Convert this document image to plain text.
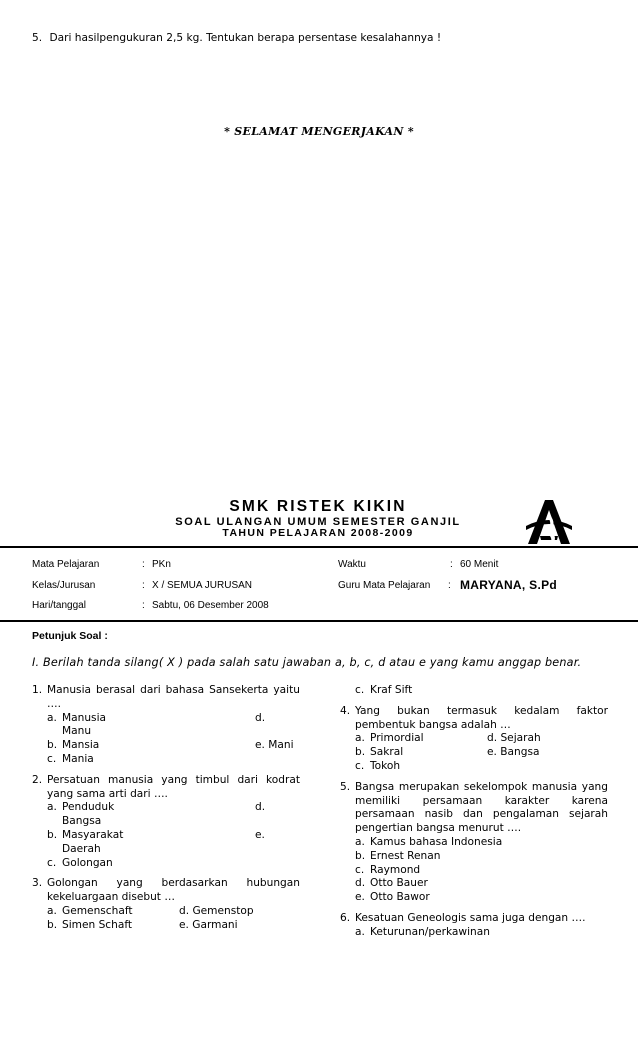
5. Dari hasilpengukuran 2,5 kg. Tentukan berapa persentase kesalahannya !
* SELAMAT MENGERJAKAN *
SMK RISTEK KIKIN
SOAL ULANGAN UMUM SEMESTER GANJIL
TAHUN PELAJARAN 2008-2009
Mata Pelajaran	: PKn	Waktu	: 60 Menit
Kelas/Jurusan	: X / SEMUA JURUSAN	Guru Mata Pelajaran : MARYANA, S.Pd
Hari/tanggal	: Sabtu, 06 Desember 2008
Petunjuk Soal :
I. Berilah tanda silang( X ) pada salah satu jawaban a, b, c, d atau e yang kamu anggap benar.
1. Manusia berasal dari bahasa Sansekerta yaitu ….
a. Manusia	d.
Manu
b. Mansia	e. Mani
c. Mania
2. Persatuan manusia yang timbul dari kodrat yang sama arti dari ….
a. Penduduk	d.
Bangsa
b. Masyarakat	e.
Daerah
c. Golongan
3. Golongan yang berdasarkan hubungan kekeluargaan disebut …
a. Gemenschaft	d. Gemenstop
b. Simen Schaft	e. Garmani
c. Kraf Sift
4. Yang bukan termasuk kedalam faktor pembentuk bangsa adalah …
a. Primordial	d. Sejarah
b. Sakral	e. Bangsa
c. Tokoh
5. Bangsa merupakan sekelompok manusia yang memiliki persamaan karakter karena persamaan nasib dan pengalaman sejarah pengertian bangsa menurut ….
a. Kamus bahasa Indonesia
b. Ernest Renan
c. Raymond
d. Otto Bauer
e. Otto Bawor
6. Kesatuan Geneologis sama juga dengan ….
a. Keturunan/perkawinan
